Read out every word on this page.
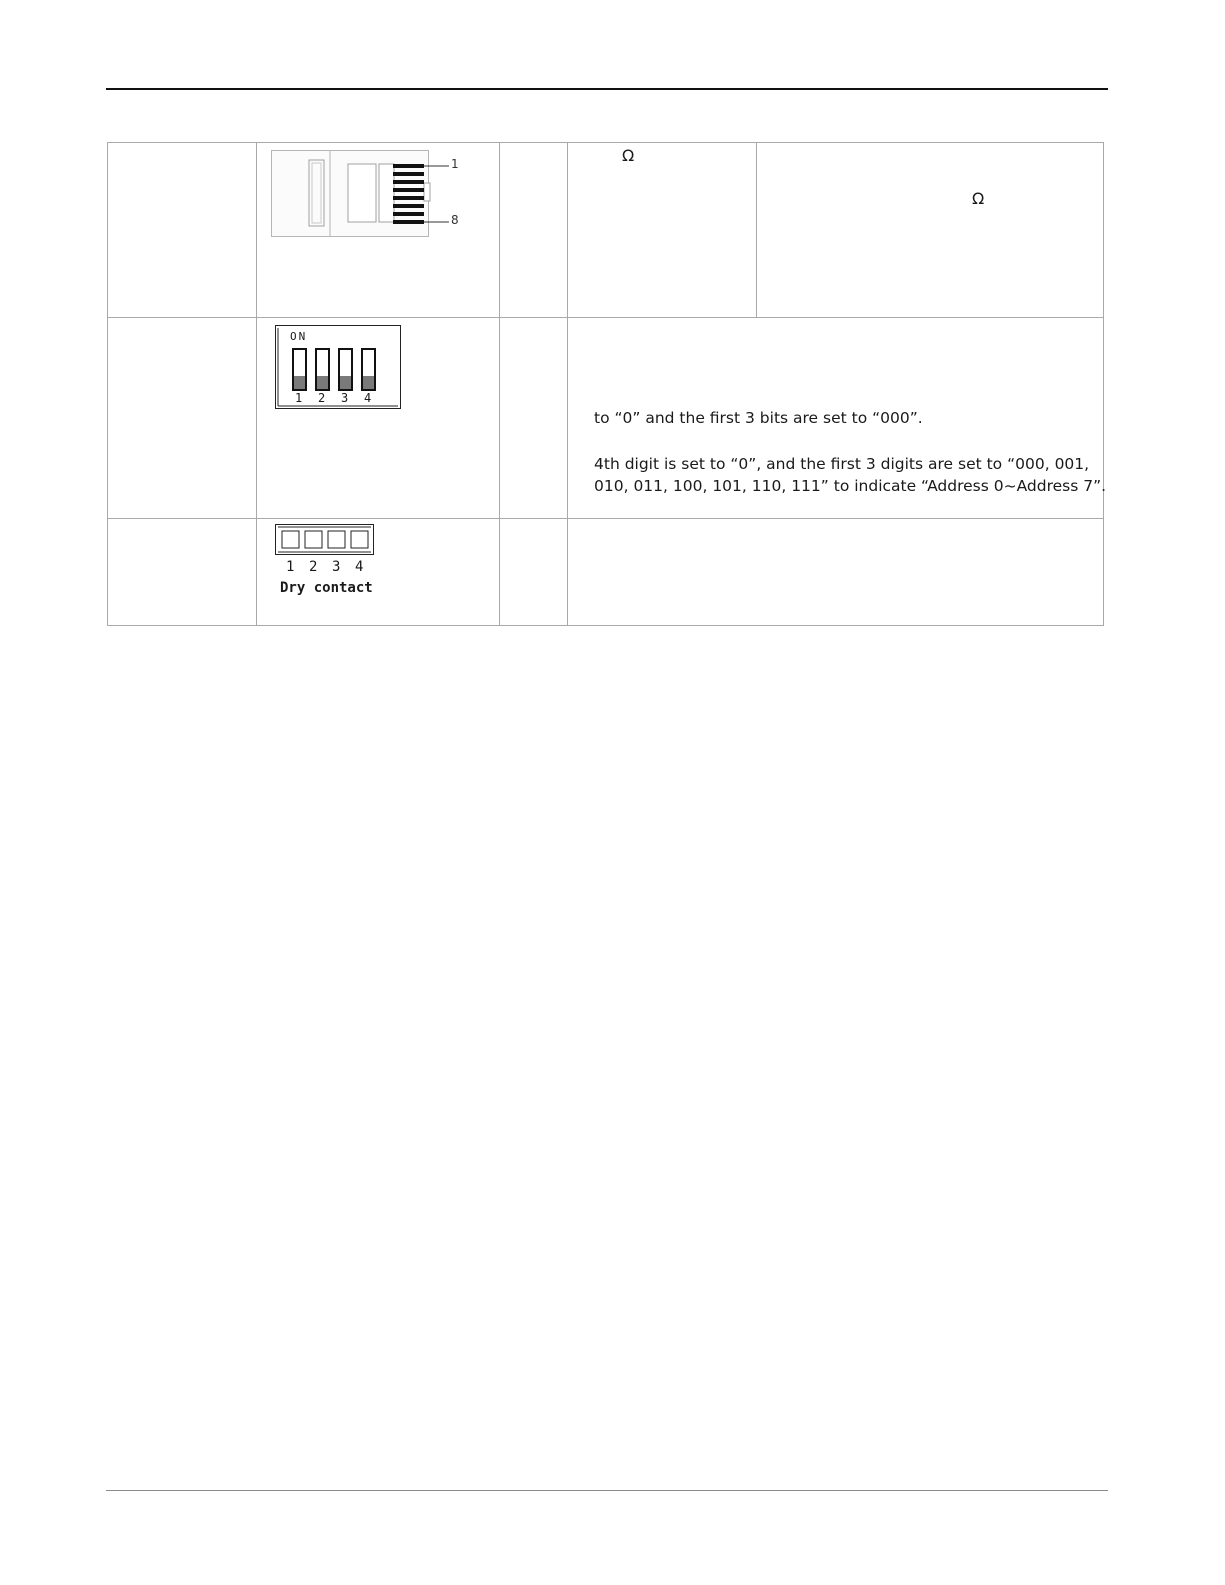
1
8
Ω
Ω
ON
1 2 3 4
to “0” and the first 3 bits are set to “000”.
4th digit is set to “0”, and the first 3 digits are set to “000, 001,
010, 011, 100, 101, 110, 111” to indicate “Address 0~Address 7”.
1 2 3 4
Dry contact
